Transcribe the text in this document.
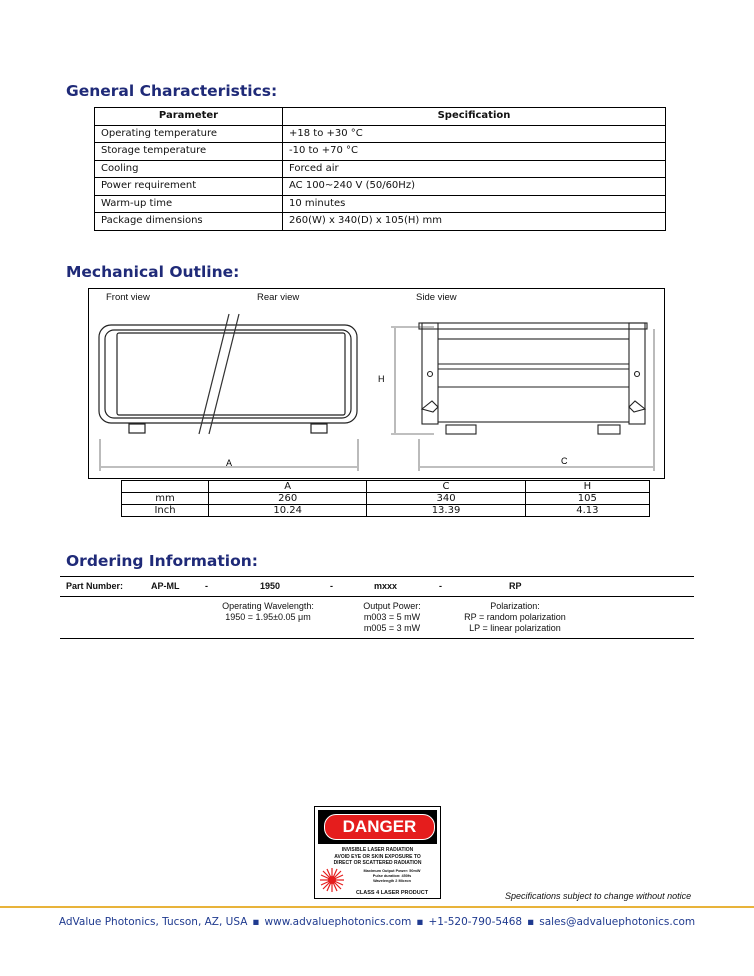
General Characteristics:
Parameter	Specification
Operating temperature	+18 to +30 °C
Storage temperature	-10 to +70 °C
Cooling	Forced air
Power requirement	AC 100~240 V (50/60Hz)
Warm-up time	10 minutes
Package dimensions	260(W) x 340(D) x 105(H) mm
Mechanical Outline:
Front view	Rear view	Side view
A	C
H
	A	C	H
mm	260	340	105
Inch	10.24	13.39	4.13
Ordering Information:
Part Number:	AP-ML	-	1950	-	mxxx	-	RP
Operating Wavelength:
1950 = 1.95±0.05 μm
Output Power:
m003 = 5 mW
m005 = 3 mW
Polarization:
RP = random polarization
LP = linear polarization
DANGER
INVISIBLE LASER RADIATION
AVOID EYE OR SKIN EXPOSURE TO
DIRECT OR SCATTERED RADIATION
Maximum Output Power: 50mW
Pulse duration: 450fs
Wavelength 2 Micron
CLASS 4 LASER PRODUCT	Specifications subject to change without notice
AdValue Photonics, Tucson, AZ, USA ▪ www.advaluephotonics.com ▪ +1-520-790-5468 ▪ sales@advaluephotonics.com
